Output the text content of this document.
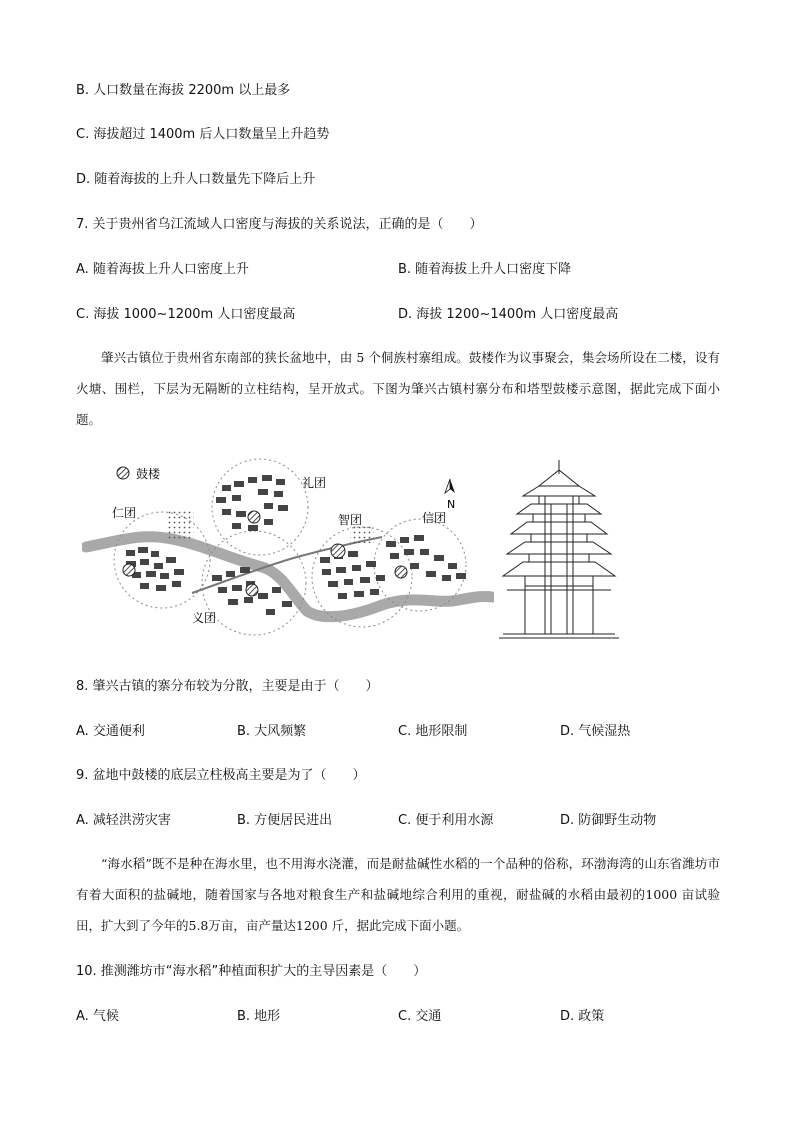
B. 人口数量在海拔 2200m 以上最多
C. 海拔超过 1400m 后人口数量呈上升趋势
D. 随着海拔的上升人口数量先下降后上升
7. 关于贵州省乌江流域人口密度与海拔的关系说法，正确的是（　　）
A. 随着海拔上升人口密度上升	B. 随着海拔上升人口密度下降
C. 海拔 1000~1200m 人口密度最高	D. 海拔 1200~1400m 人口密度最高
肇兴古镇位于贵州省东南部的狭长盆地中，由 5 个侗族村寨组成。鼓楼作为议事聚会，集会场所设在二楼，设有火塘、围栏，下层为无隔断的立柱结构，呈开放式。下图为肇兴古镇村寨分布和塔型鼓楼示意图，据此完成下面小题。
鼓楼
N
仁团
礼团
智团	信团
义团
8. 肇兴古镇的寨分布较为分散，主要是由于（　　）
A. 交通便利	B. 大风频繁	C. 地形限制	D. 气候湿热
9. 盆地中鼓楼的底层立柱极高主要是为了（　　）
A. 减轻洪涝灾害	B. 方便居民进出	C. 便于利用水源	D. 防御野生动物
“海水稻”既不是种在海水里，也不用海水浇灌，而是耐盐碱性水稻的一个品种的俗称，环渤海湾的山东省潍坊市有着大面积的盐碱地，随着国家与各地对粮食生产和盐碱地综合利用的重视，耐盐碱的水稻由最初的1000 亩试验田，扩大到了今年的5.8万亩，亩产量达1200 斤，据此完成下面小题。
10. 推测潍坊市“海水稻”种植面积扩大的主导因素是（　　）
A. 气候	B. 地形	C. 交通	D. 政策
